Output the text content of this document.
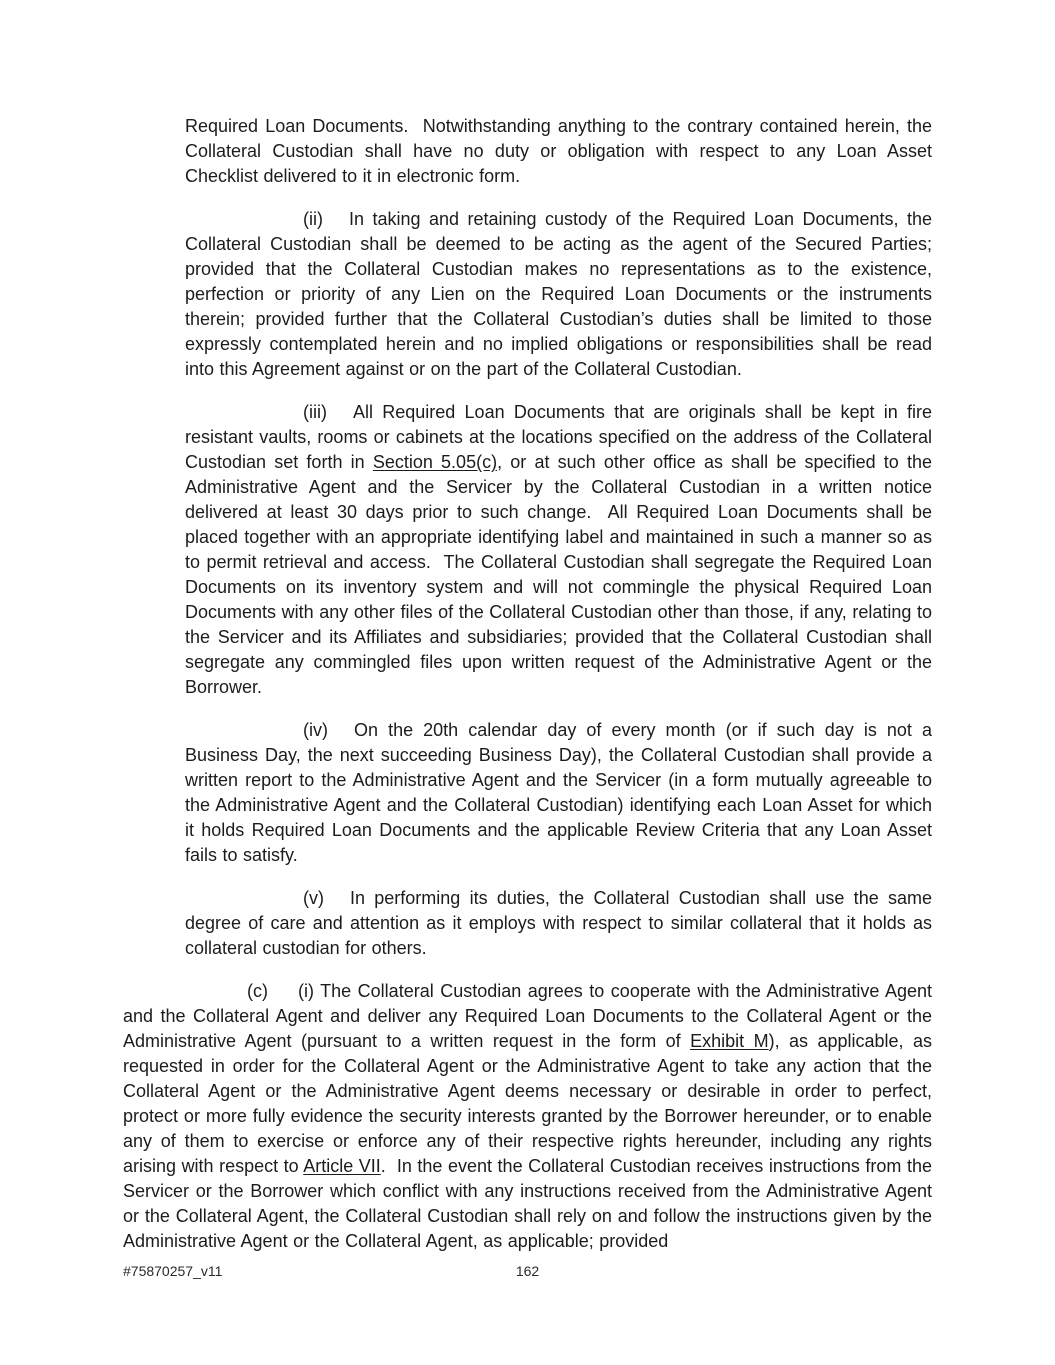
Required Loan Documents.  Notwithstanding anything to the contrary contained herein, the Collateral Custodian shall have no duty or obligation with respect to any Loan Asset Checklist delivered to it in electronic form.

(ii) In taking and retaining custody of the Required Loan Documents, the Collateral Custodian shall be deemed to be acting as the agent of the Secured Parties; provided that the Collateral Custodian makes no representations as to the existence, perfection or priority of any Lien on the Required Loan Documents or the instruments therein; provided further that the Collateral Custodian’s duties shall be limited to those expressly contemplated herein and no implied obligations or responsibilities shall be read into this Agreement against or on the part of the Collateral Custodian.

(iii) All Required Loan Documents that are originals shall be kept in fire resistant vaults, rooms or cabinets at the locations specified on the address of the Collateral Custodian set forth in Section 5.05(c), or at such other office as shall be specified to the Administrative Agent and the Servicer by the Collateral Custodian in a written notice delivered at least 30 days prior to such change.  All Required Loan Documents shall be placed together with an appropriate identifying label and maintained in such a manner so as to permit retrieval and access.  The Collateral Custodian shall segregate the Required Loan Documents on its inventory system and will not commingle the physical Required Loan Documents with any other files of the Collateral Custodian other than those, if any, relating to the Servicer and its Affiliates and subsidiaries; provided that the Collateral Custodian shall segregate any commingled files upon written request of the Administrative Agent or the Borrower.

(iv) On the 20th calendar day of every month (or if such day is not a Business Day, the next succeeding Business Day), the Collateral Custodian shall provide a written report to the Administrative Agent and the Servicer (in a form mutually agreeable to the Administrative Agent and the Collateral Custodian) identifying each Loan Asset for which it holds Required Loan Documents and the applicable Review Criteria that any Loan Asset fails to satisfy.

(v) In performing its duties, the Collateral Custodian shall use the same degree of care and attention as it employs with respect to similar collateral that it holds as collateral custodian for others.

(c) (i) The Collateral Custodian agrees to cooperate with the Administrative Agent and the Collateral Agent and deliver any Required Loan Documents to the Collateral Agent or the Administrative Agent (pursuant to a written request in the form of Exhibit M), as applicable, as requested in order for the Collateral Agent or the Administrative Agent to take any action that the Collateral Agent or the Administrative Agent deems necessary or desirable in order to perfect, protect or more fully evidence the security interests granted by the Borrower hereunder, or to enable any of them to exercise or enforce any of their respective rights hereunder, including any rights arising with respect to Article VII.  In the event the Collateral Custodian receives instructions from the Servicer or the Borrower which conflict with any instructions received from the Administrative Agent or the Collateral Agent, the Collateral Custodian shall rely on and follow the instructions given by the Administrative Agent or the Collateral Agent, as applicable; provided

#75870257_v11	162
